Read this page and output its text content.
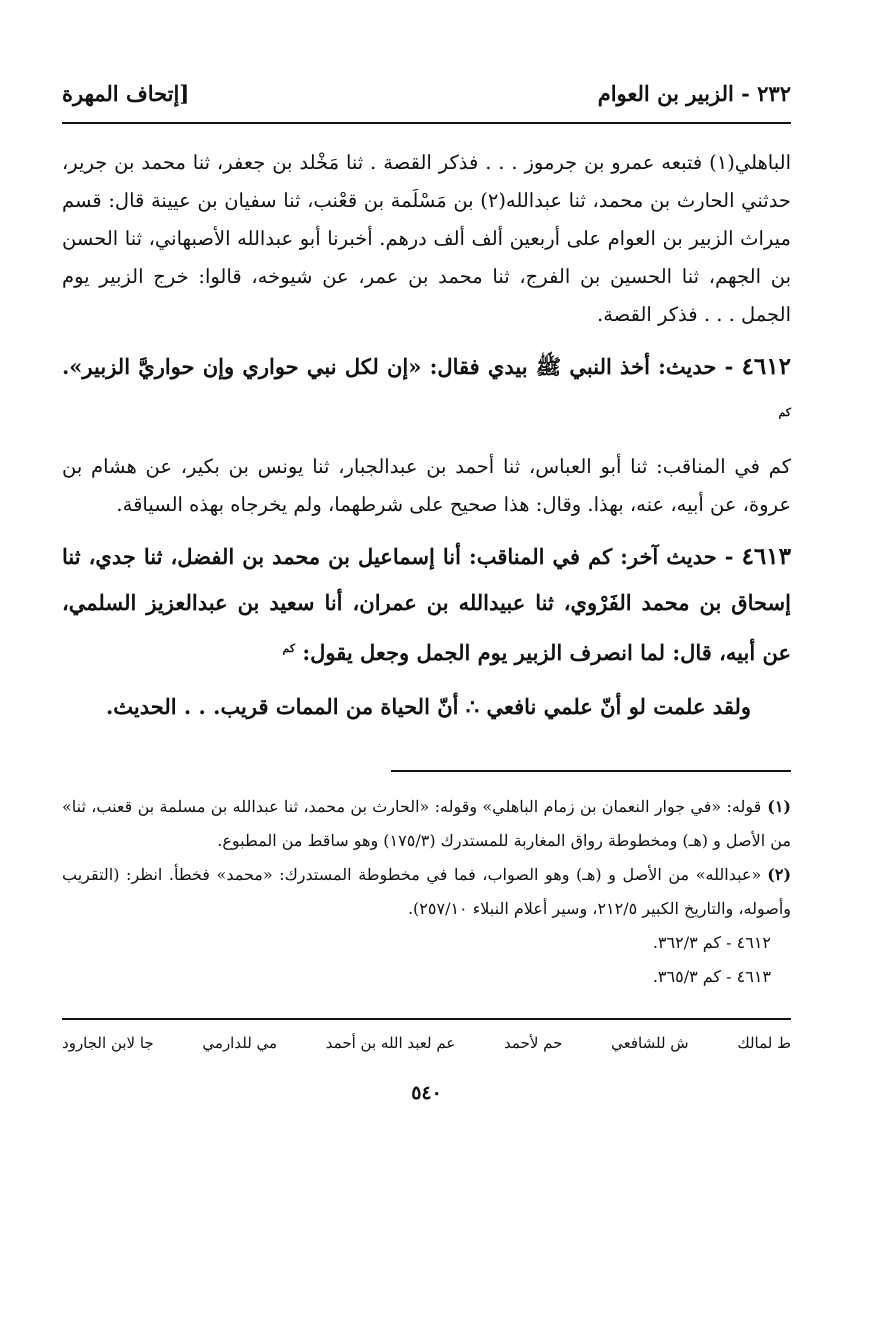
٢٣٢ - الزبير بن العوام
[إتحاف المهرة

الباهلي(١) فتبعه عمرو بن جرموز . . . فذكر القصة . ثنا مَخْلد بن جعفر، ثنا محمد بن جرير، حدثني الحارث بن محمد، ثنا عبدالله(٢) بن مَسْلَمة بن قعْنب، ثنا سفيان بن عيينة قال: قسم ميراث الزبير بن العوام على أربعين ألف ألف درهم. أخبرنا أبو عبدالله الأصبهاني، ثنا الحسن بن الجهم، ثنا الحسين بن الفرج، ثنا محمد بن عمر، عن شيوخه، قالوا: خرج الزبير يوم الجمل . . . فذكر القصة.

٤٦١٢ - حديث: أخذ النبي ﷺ بيدي فقال: «إن لكل نبي حواري وإن حواريَّ الزبير». $^{كم}$

كم في المناقب: ثنا أبو العباس، ثنا أحمد بن عبدالجبار، ثنا يونس بن بكير، عن هشام بن عروة، عن أبيه، عنه، بهذا. وقال: هذا صحيح على شرطهما، ولم يخرجاه بهذه السياقة.

٤٦١٣ - حديث آخر: كم في المناقب: أنا إسماعيل بن محمد بن الفضل، ثنا جدي، ثنا إسحاق بن محمد الفَرْوي، ثنا عبيدالله بن عمران، أنا سعيد بن عبدالعزيز السلمي، عن أبيه، قال: لما انصرف الزبير يوم الجمل وجعل يقول: $^{كم}$

ولقد علمت لو أنّ علمي نافعي ∴ أنّ الحياة من الممات قريب. . . الحديث.

(١)قوله: «في جوار النعمان بن زمام الباهلي» وقوله: «الحارث بن محمد، ثنا عبدالله بن مسلمة بن قعنب، ثنا» من الأصل و (هـ) ومخطوطة رواق المغاربة للمستدرك (١٧٥/٣) وهو ساقط من المطبوع.

(٢)«عبدالله» من الأصل و (هـ) وهو الصواب، فما في مخطوطة المستدرك: «محمد» فخطأ. انظر: (التقريب وأصوله، والتاريخ الكبير ٢١٢/٥، وسير أعلام النبلاء ٢٥٧/١٠).

٤٦١٢ - كم ٣٦٢/٣.

٤٦١٣ - كم ٣٦٥/٣.

ط لمالك
ش للشافعي
حم لأحمد
عم لعبد الله بن أحمد
مي للدارمي
جا لابن الجارود
٥٤٠
